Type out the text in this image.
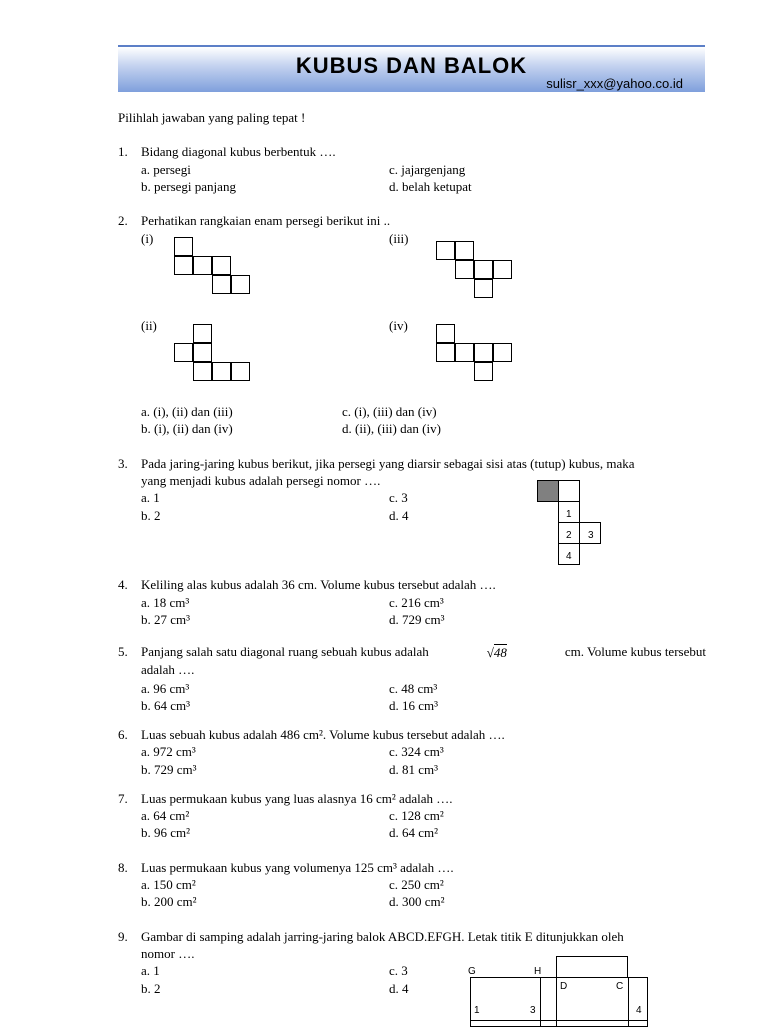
KUBUS DAN BALOK
sulisr_xxx@yahoo.co.id
Pilihlah jawaban yang paling tepat !
1. Bidang diagonal kubus berbentuk ….
a. persegi
b. persegi panjang
c. jajargenjang
d. belah ketupat
2. Perhatikan rangkaian enam persegi berikut ini ..
(i)	(iii)
(ii)	(iv)
a. (i), (ii) dan (iii)
b. (i), (ii) dan (iv)
c. (i), (iii) dan (iv)
d. (ii), (iii) dan (iv)
3. Pada jaring-jaring kubus berikut, jika persegi yang diarsir sebagai sisi atas (tutup) kubus, maka
yang menjadi kubus adalah persegi nomor ….
a. 1
b. 2
c. 3
d. 4	1
2 3
4
4. Keliling alas kubus adalah 36 cm. Volume kubus tersebut adalah ….
a. 18 cm³
b. 27 cm³
c. 216 cm³
d. 729 cm³
5. Panjang salah satu diagonal ruang sebuah kubus adalah	√ 48	cm. Volume kubus tersebut
adalah ….
a. 96 cm³
b. 64 cm³
c. 48 cm³
d. 16 cm³
6. Luas sebuah kubus adalah 486 cm². Volume kubus tersebut adalah ….
a. 972 cm³
b. 729 cm³
c. 324 cm³
d. 81 cm³
7. Luas permukaan kubus yang luas alasnya 16 cm² adalah ….
a. 64 cm²
b. 96 cm²
c. 128 cm²
d. 64 cm²
8. Luas permukaan kubus yang volumenya 125 cm³ adalah ….
a. 150 cm²
b. 200 cm²
c. 250 cm²
d. 300 cm²
9. Gambar di samping adalah jarring-jaring balok ABCD.EFGH. Letak titik E ditunjukkan oleh
nomor ….
a. 1
b. 2
c. 3
d. 4
G	H
D	C
1	3	4
